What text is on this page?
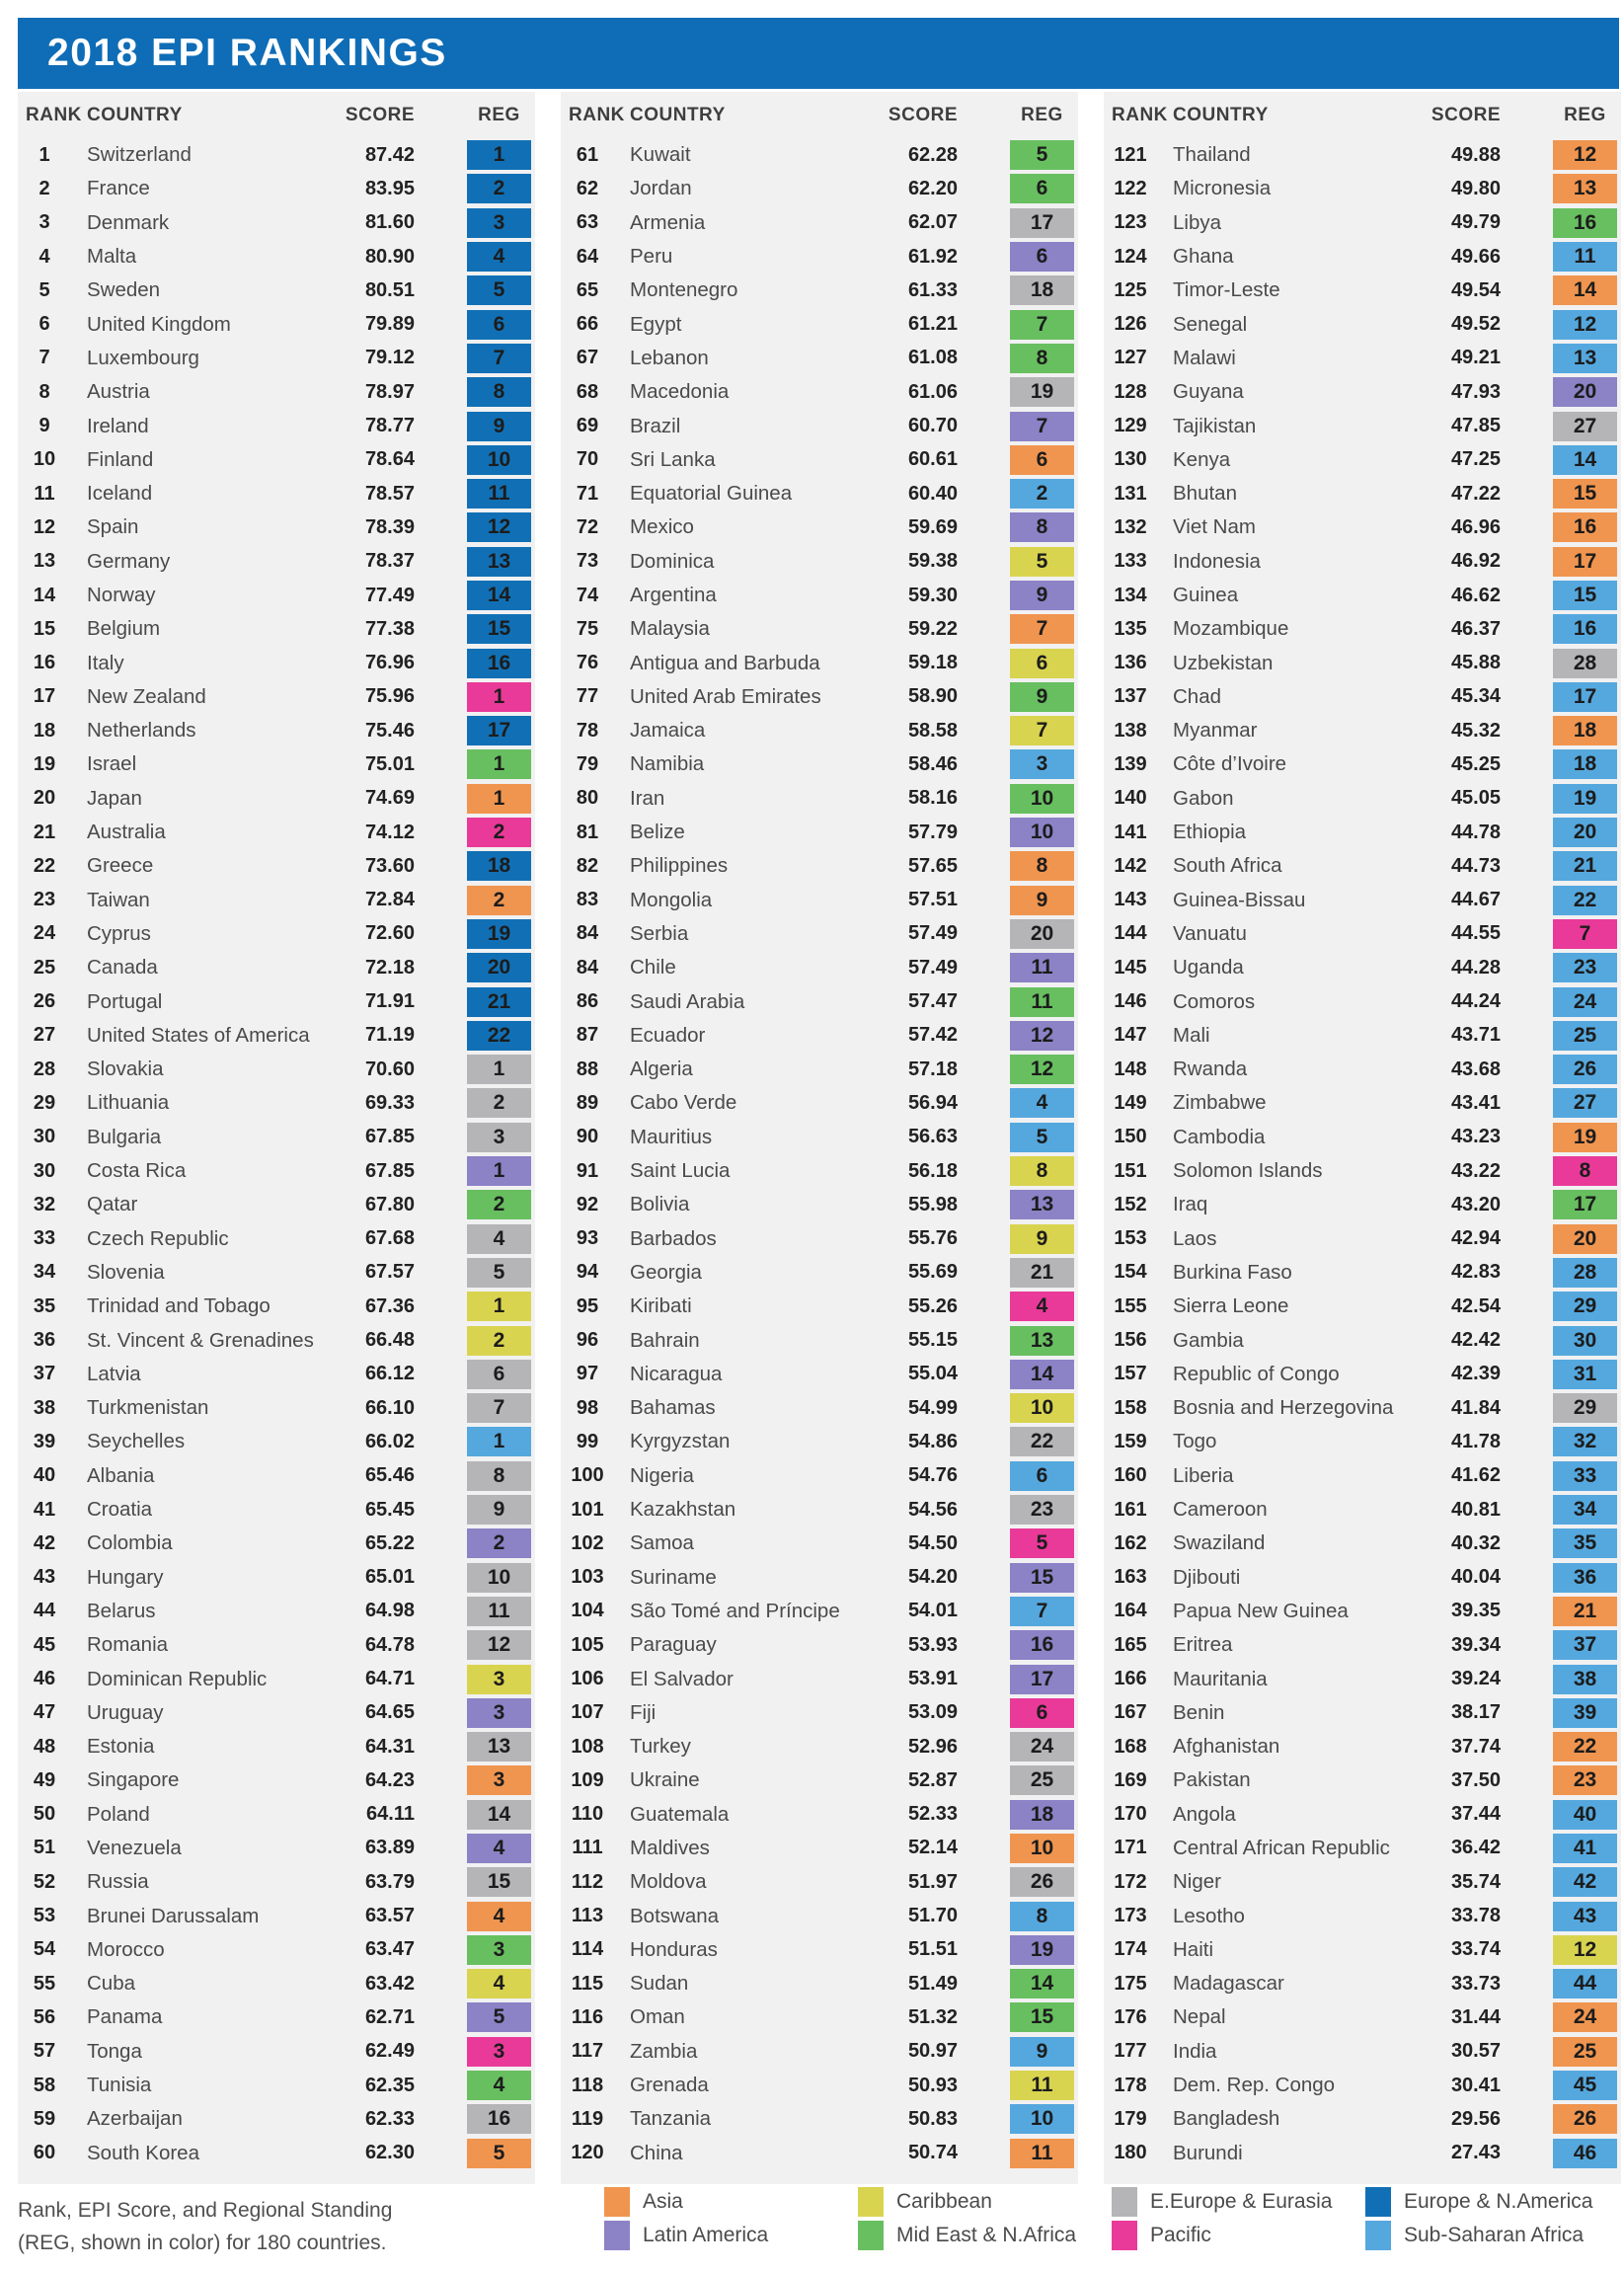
2018 EPI RANKINGS
RANK COUNTRY	SCORE	REG
1	Switzerland	87.42	1
2	France	83.95	2
3	Denmark	81.60	3
4	Malta	80.90	4
5	Sweden	80.51	5
6	United Kingdom	79.89	6
7	Luxembourg	79.12	7
8	Austria	78.97	8
9	Ireland	78.77	9
10	Finland	78.64	10
11	Iceland	78.57	11
12	Spain	78.39	12
13	Germany	78.37	13
14	Norway	77.49	14
15	Belgium	77.38	15
16	Italy	76.96	16
17	New Zealand	75.96	1
18	Netherlands	75.46	17
19	Israel	75.01	1
20	Japan	74.69	1
21	Australia	74.12	2
22	Greece	73.60	18
23	Taiwan	72.84	2
24	Cyprus	72.60	19
25	Canada	72.18	20
26	Portugal	71.91	21
27	United States of America	71.19	22
28	Slovakia	70.60	1
29	Lithuania	69.33	2
30	Bulgaria	67.85	3
30	Costa Rica	67.85	1
32	Qatar	67.80	2
33	Czech Republic	67.68	4
34	Slovenia	67.57	5
35	Trinidad and Tobago	67.36	1
36	St. Vincent & Grenadines	66.48	2
37	Latvia	66.12	6
38	Turkmenistan	66.10	7
39	Seychelles	66.02	1
40	Albania	65.46	8
41	Croatia	65.45	9
42	Colombia	65.22	2
43	Hungary	65.01	10
44	Belarus	64.98	11
45	Romania	64.78	12
46	Dominican Republic	64.71	3
47	Uruguay	64.65	3
48	Estonia	64.31	13
49	Singapore	64.23	3
50	Poland	64.11	14
51	Venezuela	63.89	4
52	Russia	63.79	15
53	Brunei Darussalam	63.57	4
54	Morocco	63.47	3
55	Cuba	63.42	4
56	Panama	62.71	5
57	Tonga	62.49	3
58	Tunisia	62.35	4
59	Azerbaijan	62.33	16
60	South Korea	62.30	5
RANK COUNTRY	SCORE	REG
61	Kuwait	62.28	5
62	Jordan	62.20	6
63	Armenia	62.07	17
64	Peru	61.92	6
65	Montenegro	61.33	18
66	Egypt	61.21	7
67	Lebanon	61.08	8
68	Macedonia	61.06	19
69	Brazil	60.70	7
70	Sri Lanka	60.61	6
71	Equatorial Guinea	60.40	2
72	Mexico	59.69	8
73	Dominica	59.38	5
74	Argentina	59.30	9
75	Malaysia	59.22	7
76	Antigua and Barbuda	59.18	6
77	United Arab Emirates	58.90	9
78	Jamaica	58.58	7
79	Namibia	58.46	3
80	Iran	58.16	10
81	Belize	57.79	10
82	Philippines	57.65	8
83	Mongolia	57.51	9
84	Serbia	57.49	20
84	Chile	57.49	11
86	Saudi Arabia	57.47	11
87	Ecuador	57.42	12
88	Algeria	57.18	12
89	Cabo Verde	56.94	4
90	Mauritius	56.63	5
91	Saint Lucia	56.18	8
92	Bolivia	55.98	13
93	Barbados	55.76	9
94	Georgia	55.69	21
95	Kiribati	55.26	4
96	Bahrain	55.15	13
97	Nicaragua	55.04	14
98	Bahamas	54.99	10
99	Kyrgyzstan	54.86	22
100	Nigeria	54.76	6
101	Kazakhstan	54.56	23
102	Samoa	54.50	5
103	Suriname	54.20	15
104	São Tomé and Príncipe	54.01	7
105	Paraguay	53.93	16
106	El Salvador	53.91	17
107	Fiji	53.09	6
108	Turkey	52.96	24
109	Ukraine	52.87	25
110	Guatemala	52.33	18
111	Maldives	52.14	10
112	Moldova	51.97	26
113	Botswana	51.70	8
114	Honduras	51.51	19
115	Sudan	51.49	14
116	Oman	51.32	15
117	Zambia	50.97	9
118	Grenada	50.93	11
119	Tanzania	50.83	10
120	China	50.74	11
RANK COUNTRY	SCORE	REG
121	Thailand	49.88	12
122	Micronesia	49.80	13
123	Libya	49.79	16
124	Ghana	49.66	11
125	Timor-Leste	49.54	14
126	Senegal	49.52	12
127	Malawi	49.21	13
128	Guyana	47.93	20
129	Tajikistan	47.85	27
130	Kenya	47.25	14
131	Bhutan	47.22	15
132	Viet Nam	46.96	16
133	Indonesia	46.92	17
134	Guinea	46.62	15
135	Mozambique	46.37	16
136	Uzbekistan	45.88	28
137	Chad	45.34	17
138	Myanmar	45.32	18
139	Côte d’Ivoire	45.25	18
140	Gabon	45.05	19
141	Ethiopia	44.78	20
142	South Africa	44.73	21
143	Guinea-Bissau	44.67	22
144	Vanuatu	44.55	7
145	Uganda	44.28	23
146	Comoros	44.24	24
147	Mali	43.71	25
148	Rwanda	43.68	26
149	Zimbabwe	43.41	27
150	Cambodia	43.23	19
151	Solomon Islands	43.22	8
152	Iraq	43.20	17
153	Laos	42.94	20
154	Burkina Faso	42.83	28
155	Sierra Leone	42.54	29
156	Gambia	42.42	30
157	Republic of Congo	42.39	31
158	Bosnia and Herzegovina	41.84	29
159	Togo	41.78	32
160	Liberia	41.62	33
161	Cameroon	40.81	34
162	Swaziland	40.32	35
163	Djibouti	40.04	36
164	Papua New Guinea	39.35	21
165	Eritrea	39.34	37
166	Mauritania	39.24	38
167	Benin	38.17	39
168	Afghanistan	37.74	22
169	Pakistan	37.50	23
170	Angola	37.44	40
171	Central African Republic	36.42	41
172	Niger	35.74	42
173	Lesotho	33.78	43
174	Haiti	33.74	12
175	Madagascar	33.73	44
176	Nepal	31.44	24
177	India	30.57	25
178	Dem. Rep. Congo	30.41	45
179	Bangladesh	29.56	26
180	Burundi	27.43	46
Rank, EPI Score, and Regional Standing
(REG, shown in color) for 180 countries.
Asia
Latin America
Caribbean
Mid East & N.Africa
E.Europe & Eurasia
Pacific
Europe & N.America
Sub-Saharan Africa
